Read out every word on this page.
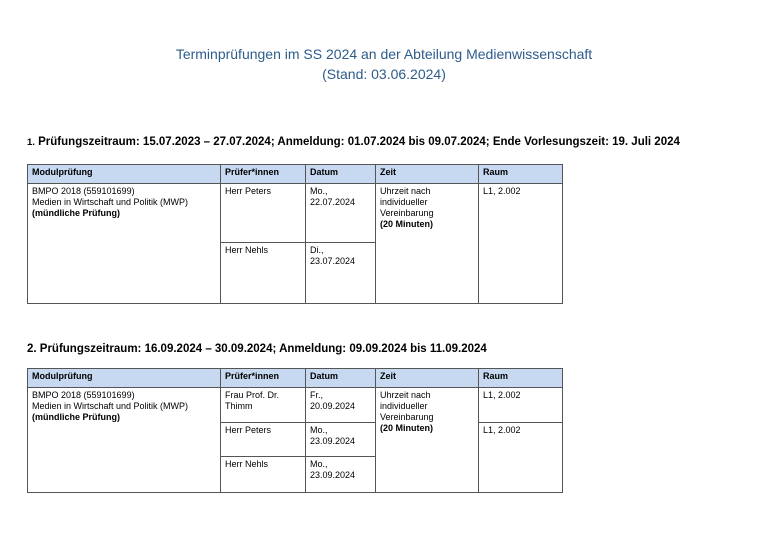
Terminprüfungen im SS 2024 an der Abteilung Medienwissenschaft
(Stand: 03.06.2024)
1. Prüfungszeitraum: 15.07.2023 – 27.07.2024; Anmeldung: 01.07.2024 bis 09.07.2024; Ende Vorlesungszeit: 19. Juli 2024
Modulprüfung	Prüfer*innen	Datum	Zeit	Raum

BMPO 2018 (559101699)
Medien in Wirtschaft und Politik (MWP)
(mündliche Prüfung)	Herr Peters	Mo.,
22.07.2024	Uhrzeit nach
individueller
Vereinbarung
(20 Minuten)	L1, 2.002
	Herr Nehls	Di.,
23.07.2024		
2. Prüfungszeitraum: 16.09.2024 – 30.09.2024; Anmeldung: 09.09.2024 bis 11.09.2024
Modulprüfung	Prüfer*innen	Datum	Zeit	Raum

BMPO 2018 (559101699)
Medien in Wirtschaft und Politik (MWP)
(mündliche Prüfung)	Frau Prof. Dr.
Thimm	Fr.,
20.09.2024	Uhrzeit nach
individueller
Vereinbarung
(20 Minuten)	L1, 2.002
	Herr Peters	Mo.,
23.09.2024		L1, 2.002
	Herr Nehls	Mo.,
23.09.2024		
